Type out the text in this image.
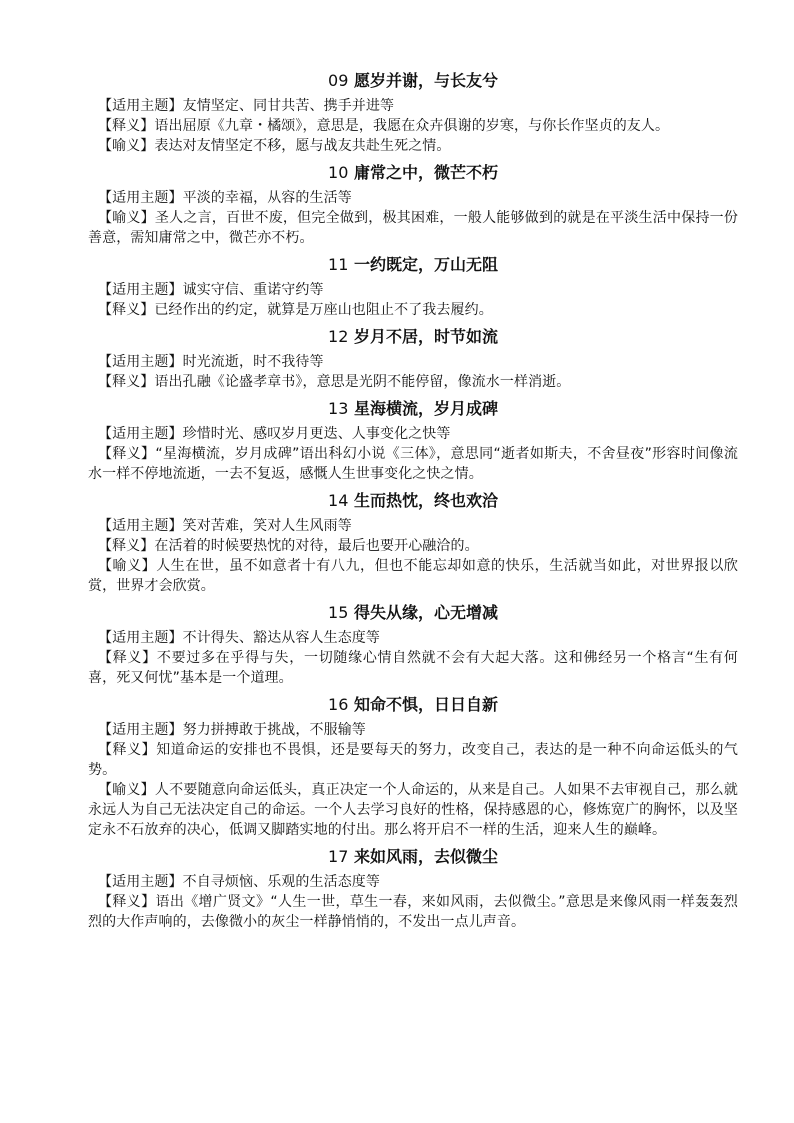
09 愿岁并谢，与长友兮

【适用主题】友情坚定、同甘共苦、携手并进等

【释义】语出屈原《九章・橘颂》，意思是，我愿在众卉俱谢的岁寒，与你长作坚贞的友人。

【喻义】表达对友情坚定不移，愿与战友共赴生死之情。

10 庸常之中，微芒不朽

【适用主题】平淡的幸福，从容的生活等

【喻义】圣人之言，百世不废，但完全做到，极其困难，一般人能够做到的就是在平淡生活中保持一份善意，需知庸常之中，微芒亦不朽。

11 一约既定，万山无阻

【适用主题】诚实守信、重诺守约等

【释义】已经作出的约定，就算是万座山也阻止不了我去履约。

12 岁月不居，时节如流

【适用主题】时光流逝，时不我待等

【释义】语出孔融《论盛孝章书》，意思是光阴不能停留，像流水一样消逝。

13 星海横流，岁月成碑

【适用主题】珍惜时光、感叹岁月更迭、人事变化之快等

【释义】“星海横流，岁月成碑”语出科幻小说《三体》，意思同“逝者如斯夫，不舍昼夜”形容时间像流水一样不停地流逝，一去不复返，感慨人生世事变化之快之情。

14 生而热忱，终也欢洽

【适用主题】笑对苦难，笑对人生风雨等

【释义】在活着的时候要热忱的对待，最后也要开心融洽的。

【喻义】人生在世，虽不如意者十有八九，但也不能忘却如意的快乐，生活就当如此，对世界报以欣赏，世界才会欣赏。

15 得失从缘，心无增减

【适用主题】不计得失、豁达从容人生态度等

【释义】不要过多在乎得与失，一切随缘心情自然就不会有大起大落。这和佛经另一个格言“生有何喜，死又何忧”基本是一个道理。

16 知命不惧，日日自新

【适用主题】努力拼搏敢于挑战，不服输等

【释义】知道命运的安排也不畏惧，还是要每天的努力，改变自己，表达的是一种不向命运低头的气势。

【喻义】人不要随意向命运低头，真正决定一个人命运的，从来是自己。人如果不去审视自己，那么就永远人为自己无法决定自己的命运。一个人去学习良好的性格，保持感恩的心，修炼宽广的胸怀，以及坚定永不石放弃的决心，低调又脚踏实地的付出。那么将开启不一样的生活，迎来人生的巅峰。

17 来如风雨，去似微尘

【适用主题】不自寻烦恼、乐观的生活态度等

【释义】语出《增广贤文》“人生一世，草生一春，来如风雨，去似微尘。”意思是来像风雨一样轰轰烈烈的大作声响的，去像微小的灰尘一样静悄悄的，不发出一点儿声音。
